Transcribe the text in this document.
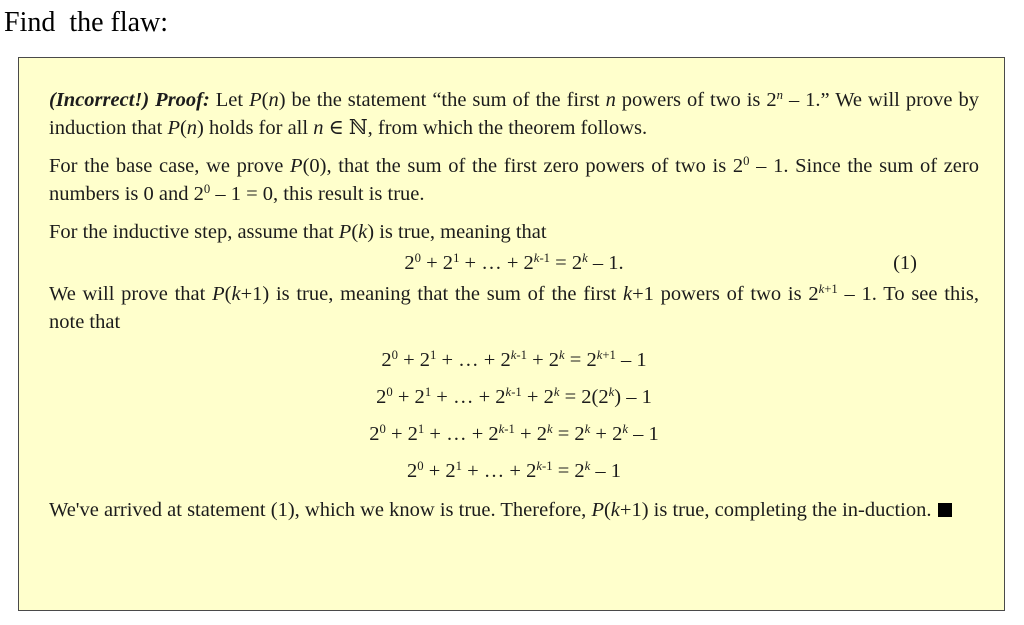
Find  the flaw:

(Incorrect!) Proof: Let P(n) be the statement “the sum of the first n powers of two is 2$^n$ – 1.” We will prove by induction that P(n) holds for all n ∈ ℕ, from which the theorem follows.

For the base case, we prove P(0), that the sum of the first zero powers of two is $2^0 - 1$. Since the sum of zero numbers is 0 and $2^0 - 1 = 0$, this result is true.

For the inductive step, assume that P(k) is true, meaning that

$2^0 + 2^1$ + … + $2^{k-1} = 2^k - 1$.	(1)

We will prove that P(k+1) is true, meaning that the sum of the first k+1 powers of two is $2^{k+1} - 1$. To see this, note that

$2^0 + 2^1$ + … + $2^{k-1} + 2^k = 2^{k+1} - 1$
$2^0 + 2^1$ + … + $2^{k-1} + 2^k = 2(2^k) - 1$
$2^0 + 2^1$ + … + $2^{k-1} + 2^k = 2^k + 2^k - 1$
$2^0 + 2^1$ + … + $2^{k-1} = 2^k - 1$

We've arrived at statement (1), which we know is true. Therefore, P(k+1) is true, completing the in-duction.
